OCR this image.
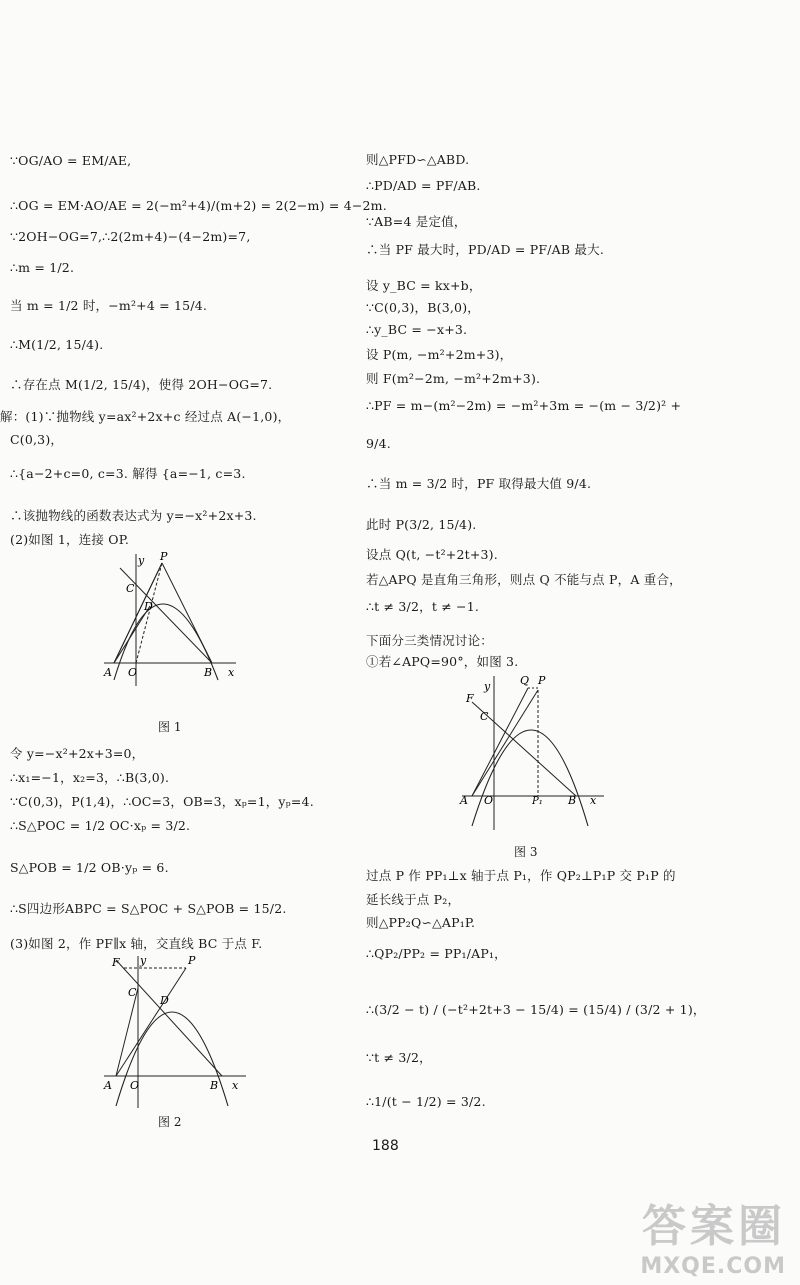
∵OG/AO = EM/AE,
∴OG = EM·AO/AE = 2(−m²+4)/(m+2) = 2(2−m) = 4−2m.
∵2OH−OG=7,∴2(2m+4)−(4−2m)=7,
∴m = 1/2.
当 m = 1/2 时，−m²+4 = 15/4.
∴M(1/2, 15/4).
∴存在点 M(1/2, 15/4)，使得 2OH−OG=7.
解：(1)∵抛物线 y=ax²+2x+c 经过点 A(−1,0)，
C(0,3)，
∴{a−2+c=0, c=3. 解得 {a=−1, c=3.
∴该抛物线的函数表达式为 y=−x²+2x+3.
(2)如图 1，连接 OP.
P
C
D
y
A O	B x
图 1
令 y=−x²+2x+3=0，
∴x₁=−1，x₂=3，∴B(3,0).
∵C(0,3)，P(1,4)，∴OC=3，OB=3，xₚ=1，yₚ=4.
∴S△POC = 1/2 OC·xₚ = 3/2.
S△POB = 1/2 OB·yₚ = 6.
∴S四边形ABPC = S△POC + S△POB = 15/2.
(3)如图 2，作 PF∥x 轴，交直线 BC 于点 F.
F y	P
C
D
A O	B x
图 2
则△PFD∽△ABD.
∴PD/AD = PF/AB.
∵AB=4 是定值，
∴当 PF 最大时，PD/AD = PF/AB 最大.
设 y_BC = kx+b，
∵C(0,3)，B(3,0)，
∴y_BC = −x+3.
设 P(m, −m²+2m+3)，
则 F(m²−2m, −m²+2m+3).
∴PF = m−(m²−2m) = −m²+3m = −(m − 3/2)² +
9/4.
∴当 m = 3/2 时，PF 取得最大值 9/4.
此时 P(3/2, 15/4).
设点 Q(t, −t²+2t+3).
若△APQ 是直角三角形，则点 Q 不能与点 P，A 重合，
∴t ≠ 3/2，t ≠ −1.
下面分三类情况讨论：
①若∠APQ=90°，如图 3.
y	Q P
F
C
A O	P₁ B x
图 3
过点 P 作 PP₁⊥x 轴于点 P₁，作 QP₂⊥P₁P 交 P₁P 的
延长线于点 P₂，
则△PP₂Q∽△AP₁P.
∴QP₂/PP₂ = PP₁/AP₁，
∴(3/2 − t) / (−t²+2t+3 − 15/4) = (15/4) / (3/2 + 1)，
∵t ≠ 3/2，
∴1/(t − 1/2) = 3/2.
188
答案圈
MXQE.COM
